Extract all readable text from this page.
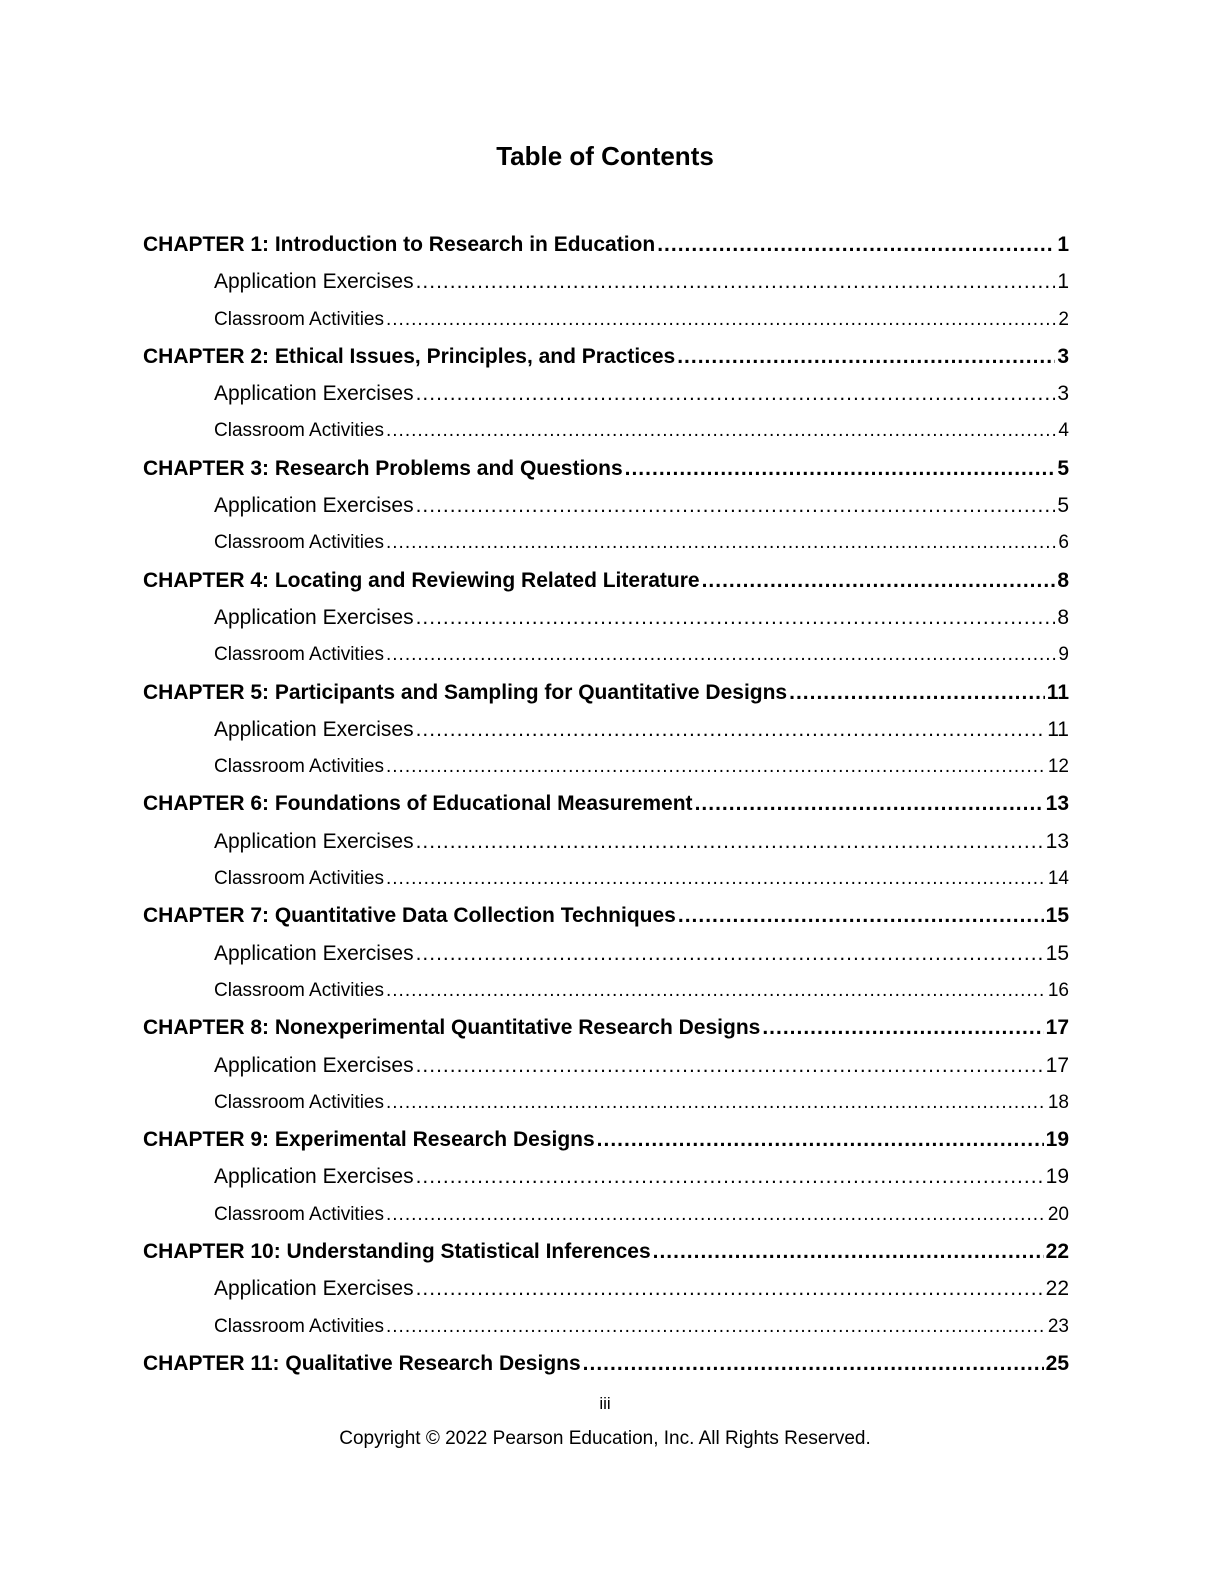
Table of Contents
CHAPTER 1: Introduction to Research in Education .....	1
Application Exercises .....	1
Classroom Activities .....	2
CHAPTER 2: Ethical Issues, Principles, and Practices .....	3
Application Exercises .....	3
Classroom Activities .....	4
CHAPTER 3: Research Problems and Questions .....	5
Application Exercises .....	5
Classroom Activities .....	6
CHAPTER 4: Locating and Reviewing Related Literature .....	8
Application Exercises .....	8
Classroom Activities .....	9
CHAPTER 5: Participants and Sampling for Quantitative Designs .....	11
Application Exercises .....	11
Classroom Activities .....	12
CHAPTER 6: Foundations of Educational Measurement .....	13
Application Exercises .....	13
Classroom Activities .....	14
CHAPTER 7: Quantitative Data Collection Techniques .....	15
Application Exercises .....	15
Classroom Activities .....	16
CHAPTER 8: Nonexperimental Quantitative Research Designs .....	17
Application Exercises .....	17
Classroom Activities .....	18
CHAPTER 9: Experimental Research Designs .....	19
Application Exercises .....	19
Classroom Activities .....	20
CHAPTER 10: Understanding Statistical Inferences .....	22
Application Exercises .....	22
Classroom Activities .....	23
CHAPTER 11: Qualitative Research Designs .....	25
iii
Copyright © 2022 Pearson Education, Inc. All Rights Reserved.
